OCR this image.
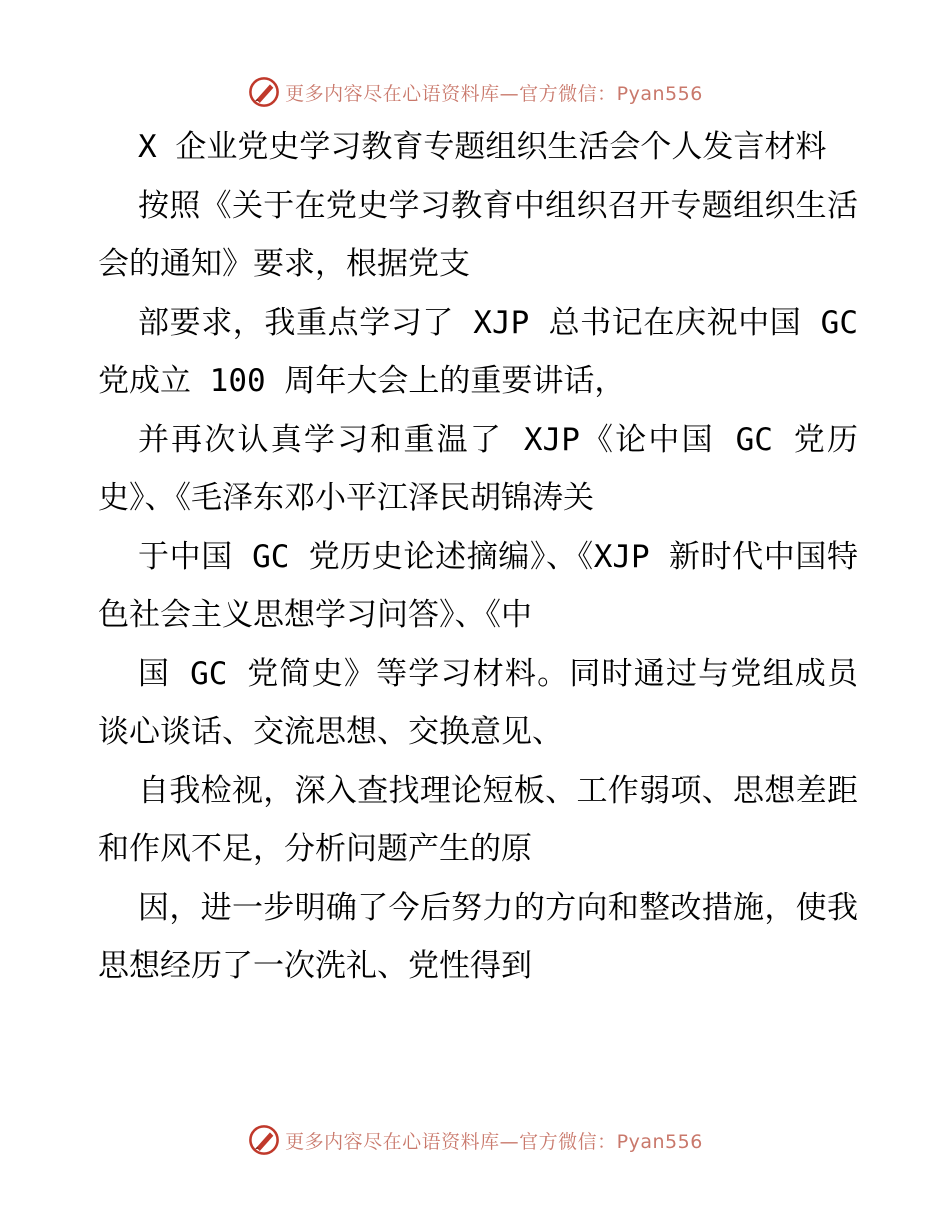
更多内容尽在心语资料库—官方微信：Pyan556

X 企业党史学习教育专题组织生活会个人发言材料

按照《关于在党史学习教育中组织召开专题组织生活会的通知》要求，根据党支

部要求，我重点学习了 XJP 总书记在庆祝中国 GC 党成立 100 周年大会上的重要讲话，

并再次认真学习和重温了 XJP《论中国 GC 党历史》、《毛泽东邓小平江泽民胡锦涛关

于中国 GC 党历史论述摘编》、《XJP 新时代中国特色社会主义思想学习问答》、《中

国 GC 党简史》等学习材料。同时通过与党组成员谈心谈话、交流思想、交换意见、

自我检视，深入查找理论短板、工作弱项、思想差距和作风不足，分析问题产生的原

因，进一步明确了今后努力的方向和整改措施，使我思想经历了一次洗礼、党性得到

更多内容尽在心语资料库—官方微信：Pyan556
